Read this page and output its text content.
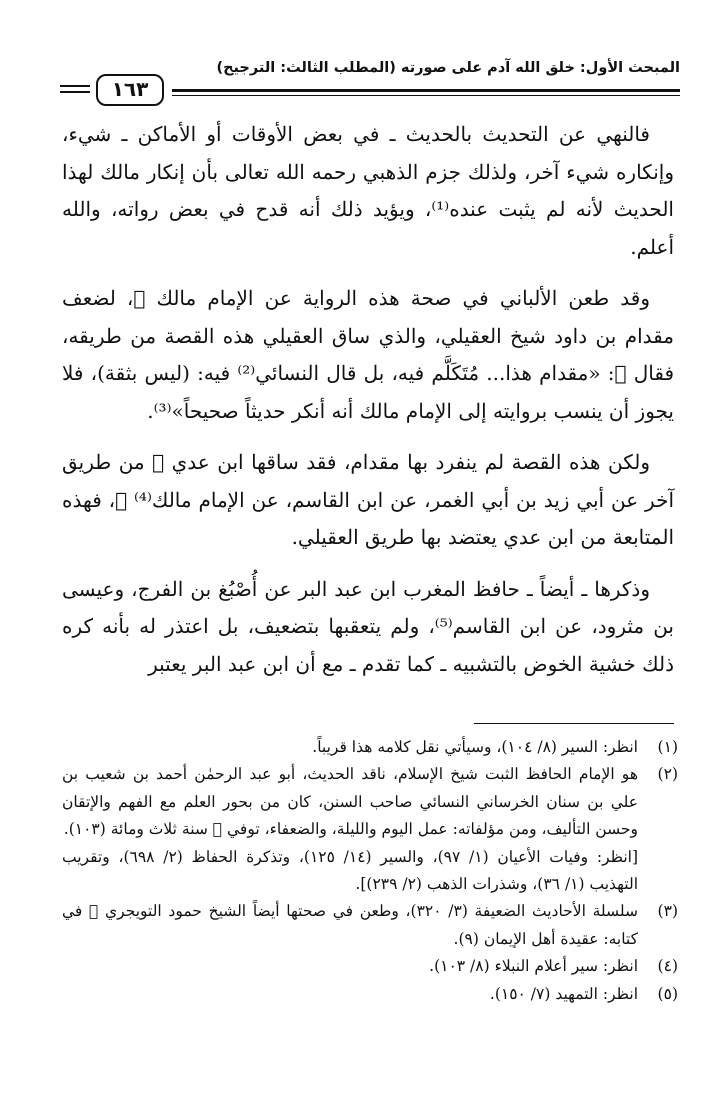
المبحث الأول: خلق الله آدم على صورته (المطلب الثالث: الترجيح)
١٦٣

فالنهي عن التحديث بالحديث ـ في بعض الأوقات أو الأماكن ـ شيء، وإنكاره شيء آخر، ولذلك جزم الذهبي رحمه الله تعالى بأن إنكار مالك لهذا الحديث لأنه لم يثبت عنده⁽¹⁾، ويؤيد ذلك أنه قدح في بعض رواته، والله أعلم.

وقد طعن الألباني في صحة هذه الرواية عن الإمام مالك ﷬، لضعف مقدام بن داود شيخ العقيلي، والذي ساق العقيلي هذه القصة من طريقه، فقال ﷬: «مقدام هذا... مُتَكَلَّم فيه، بل قال النسائي⁽²⁾ فيه: (ليس بثقة)، فلا يجوز أن ينسب بروايته إلى الإمام مالك أنه أنكر حديثاً صحيحاً»⁽³⁾.

ولكن هذه القصة لم ينفرد بها مقدام، فقد ساقها ابن عدي ﷬ من طريق آخر عن أبي زيد بن أبي الغمر، عن ابن القاسم، عن الإمام مالك⁽⁴⁾ ﷬، فهذه المتابعة من ابن عدي يعتضد بها طريق العقيلي.

وذكرها ـ أيضاً ـ حافظ المغرب ابن عبد البر عن أُصْبُغ بن الفرج، وعيسى بن مثرود، عن ابن القاسم⁽⁵⁾، ولم يتعقبها بتضعيف، بل اعتذر له بأنه كره ذلك خشية الخوض بالتشبيه ـ كما تقدم ـ مع أن ابن عبد البر يعتبر

(١)
انظر: السير (٨/ ١٠٤)، وسيأتي نقل كلامه هذا قريباً.
(٢)
هو الإمام الحافظ الثبت شيخ الإسلام، ناقد الحديث، أبو عبد الرحمٰن أحمد بن شعيب بن علي بن سنان الخرساني النسائي صاحب السنن، كان من بحور العلم مع الفهم والإتقان وحسن التأليف، ومن مؤلفاته: عمل اليوم والليلة، والضعفاء، توفي ﷬ سنة ثلاث ومائة (١٠٣).
[انظر: وفيات الأعيان (١/ ٩٧)، والسير (١٤/ ١٢٥)، وتذكرة الحفاظ (٢/ ٦٩٨)، وتقريب التهذيب (١/ ٣٦)، وشذرات الذهب (٢/ ٢٣٩)].
(٣)
سلسلة الأحاديث الضعيفة (٣/ ٣٢٠)، وطعن في صحتها أيضاً الشيخ حمود التويجري ﷬ في كتابه: عقيدة أهل الإيمان (٩).
(٤)
انظر: سير أعلام النبلاء (٨/ ١٠٣).
(٥)
انظر: التمهيد (٧/ ١٥٠).
